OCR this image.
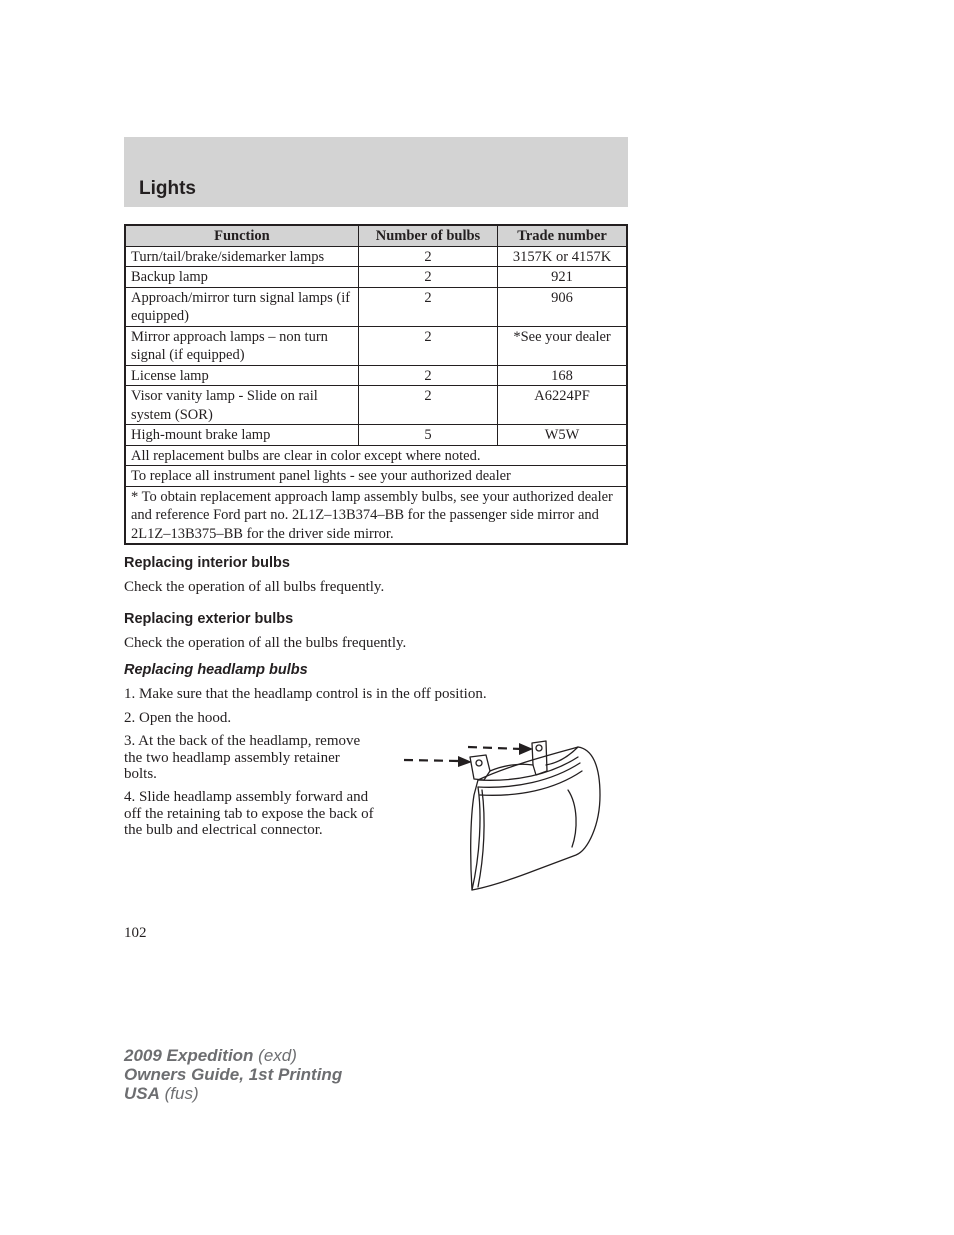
Lights
Function	Number of bulbs	Trade number
Turn/tail/brake/sidemarker lamps	2	3157K or 4157K
Backup lamp	2	921
Approach/mirror turn signal lamps (if equipped)	2	906
Mirror approach lamps – non turn signal (if equipped)	2	*See your dealer
License lamp	2	168
Visor vanity lamp - Slide on rail system (SOR)	2	A6224PF
High-mount brake lamp	5	W5W
All replacement bulbs are clear in color except where noted.		
To replace all instrument panel lights - see your authorized dealer		
* To obtain replacement approach lamp assembly bulbs, see your authorized dealer and reference Ford part no. 2L1Z–13B374–BB for the passenger side mirror and 2L1Z–13B375–BB for the driver side mirror.		
Replacing interior bulbs
Check the operation of all bulbs frequently.
Replacing exterior bulbs
Check the operation of all the bulbs frequently.
Replacing headlamp bulbs
1. Make sure that the headlamp control is in the off position.
2. Open the hood.
3. At the back of the headlamp, remove the two headlamp assembly retainer bolts.
4. Slide headlamp assembly forward and off the retaining tab to expose the back of the bulb and electrical connector.
102
2009 Expedition (exd)
Owners Guide, 1st Printing
USA (fus)
